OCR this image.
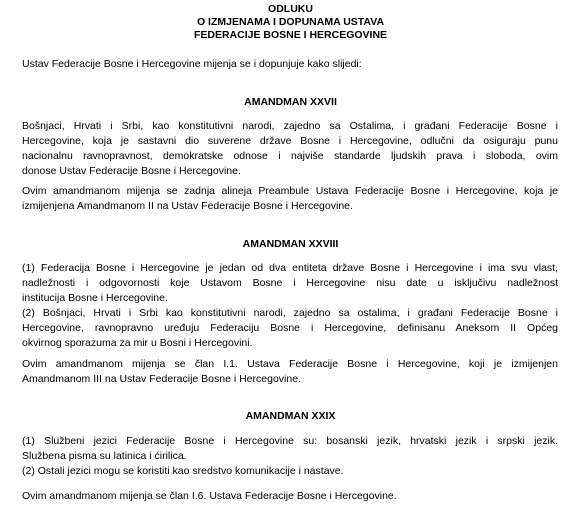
ODLUKU
O IZMJENAMA I DOPUNAMA USTAVA
FEDERACIJE BOSNE I HERCEGOVINE
Ustav Federacije Bosne i Hercegovine mijenja se i dopunjuje kako slijedi:
AMANDMAN XXVII
Bošnjaci, Hrvati i Srbi, kao konstitutivni narodi, zajedno sa Ostalima, i građani Federacije Bosne i
Hercegovine, koja je sastavni dio suverene države Bosne i Hercegovine, odlučni da osiguraju punu
nacionalnu ravnopravnost, demokratske odnose i najviše standarde ljudskih prava i sloboda, ovim
donose Ustav Federacije Bosne i Hercegovine.
Ovim amandmanom mijenja se zadnja alineja Preambule Ustava Federacije Bosne i Hercegovine, koja je
izmijenjena Amandmanom II na Ustav Federacije Bosne i Hercegovine.
AMANDMAN XXVIII
(1) Federacija Bosne i Hercegovine je jedan od dva entiteta države Bosne i Hercegovine i ima svu vlast,
nadležnosti i odgovornosti koje Ustavom Bosne i Hercegovine nisu date u isključivu nadležnost
institucija Bosne i Hercegovine.
(2) Bošnjaci, Hrvati i Srbi kao konstitutivni narodi, zajedno sa ostalima, i građani Federacije Bosne i
Hercegovine, ravnopravno uređuju Federaciju Bosne i Hercegovine, definisanu Aneksom II Općeg
okvirnog sporazuma za mir u Bosni i Hercegovini.
Ovim amandmanom mijenja se član I.1. Ustava Federacije Bosne i Hercegovine, koji je izmijenjen
Amandmanom III na Ustav Federacije Bosne i Hercegovine.
AMANDMAN XXIX
(1) Službeni jezici Federacije Bosne i Hercegovine su: bosanski jezik, hrvatski jezik i srpski jezik.
Službena pisma su latinica i ćirilica.
(2) Ostali jezici mogu se koristiti kao sredstvo komunikacije i nastave.
Ovim amandmanom mijenja se član I.6. Ustava Federacije Bosne i Hercegovine.
